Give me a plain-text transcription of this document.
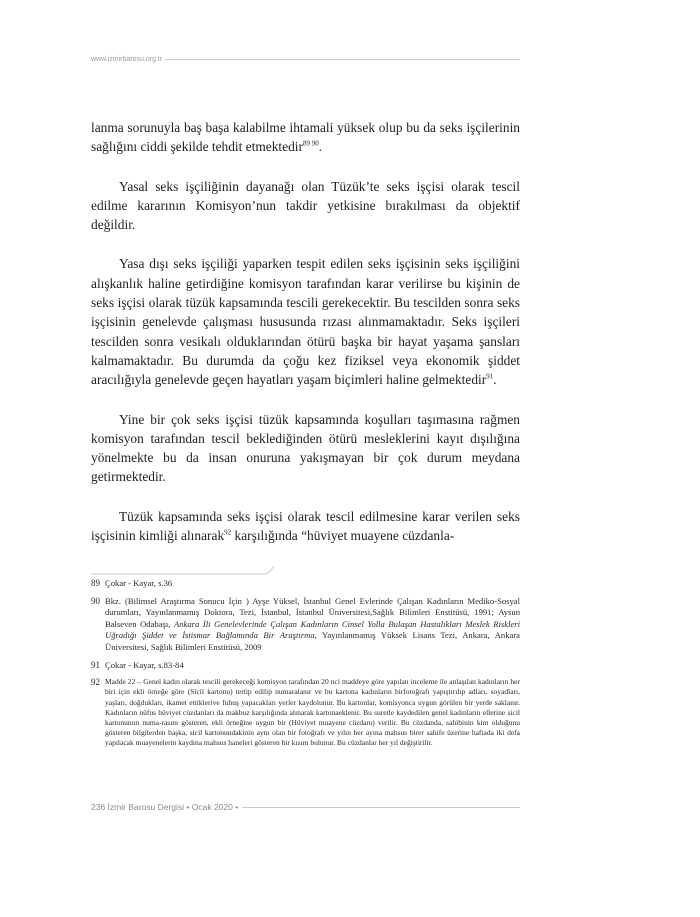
www.izmirbarosu.org.tr

lanma sorunuyla baş başa kalabilme ihtamali yüksek olup bu da seks işçilerinin sağlığını ciddi şekilde tehdit etmektedir$^{89 90}$.

Yasal seks işçiliğinin dayanağı olan Tüzük’te seks işçisi olarak tescil edilme kararının Komisyon’nun takdir yetkisine bırakılması da objektif değildir.

Yasa dışı seks işçiliği yaparken tespit edilen seks işçisinin seks işçiliğini alışkanlık haline getirdiğine komisyon tarafından karar verilirse bu kişinin de seks işçisi olarak tüzük kapsamında tescili gerekecektir. Bu tescilden sonra seks işçisinin genelevde çalışması hususunda rızası alınmamaktadır. Seks işçileri tescilden sonra vesikalı olduklarından ötürü başka bir hayat yaşama şansları kalmamaktadır. Bu durumda da çoğu kez fiziksel veya ekonomik şiddet aracılığıyla genelevde geçen hayatları yaşam biçimleri haline gelmektedir$^{91}$.

Yine bir çok seks işçisi tüzük kapsamında koşulları taşımasına rağmen komisyon tarafından tescil beklediğinden ötürü mesleklerini kayıt dışılığına yönelmekte bu da insan onuruna yakışmayan bir çok durum meydana getirmektedir.

Tüzük kapsamında seks işçisi olarak tescil edilmesine karar verilen seks işçisinin kimliği alınarak$^{92}$ karşılığında “hüviyet muayene cüzdanla-

89 Çokar - Kayar, s.36
90 Bkz. (Bilimsel Araştırma Sonucu İçin ) Ayşe Yüksel, İstanbul Genel Evlerinde Çalışan Kadınların Mediko-Sosyal durumları, Yayınlanmamış Doktora, Tezi, İstanbul, İstanbul Üniversitesi,Sağlık Bilimleri Enstitüsü, 1991; Aysun Balseven Odabaşı, Ankara İli Genelevlerinde Çalışan Kadınların Cinsel Yolla Bulaşan Hastalıkları Meslek Riskleri Uğradığı Şiddet ve İstismar Bağlamında Bir Araştırma, Yayınlanmamış Yüksek Lisans Tezi, Ankara, Ankara Üniversitesi, Sağlık Bilimleri Enstitüsü, 2009
91 Çokar - Kayar, s.83-84
92 Madde 22 – Genel kadın olarak tescili gerekeceği komisyon tarafından 20 nci maddeye göre yapılan inceleme ile anlaşılan kadınların her biri için ekli örneğe göre (Sicil kartonu) tertip edilip numaralanır ve bu kartona kadınların birfotoğrafı yapıştırılıp adları, soyadları, yaşları, doğdukları, ikamet ettiklerive fuhuş yapacakları yerler kaydolunur. Bu kartonlar, komisyonca uygun görülen bir yerde saklanır. Kadınların nüfus hüviyet cüzdanları da makbuz karşılığında alınarak kartonaeklenir. Bu suretle kaydedilen genel kadınların ellerine sicil kartonunun numa-rasını gösteren, ekli örneğine uygun bir (Hüviyet muayene cüzdanı) verilir. Bu cüzdanda, sahibinin kim olduğunu gösteren bilgilerden başka, sicil kartonundakinin aynı olan bir fotoğrafı ve yılın her ayına mahsus birer sahife üzerine haftada iki defa yapılacak muayenelerin kaydına mahsus haneleri gösteren bir kısım bulunur. Bu cüzdanlar her yıl değiştirilir.
236 İzmir Barosu Dergisi • Ocak 2020 •
